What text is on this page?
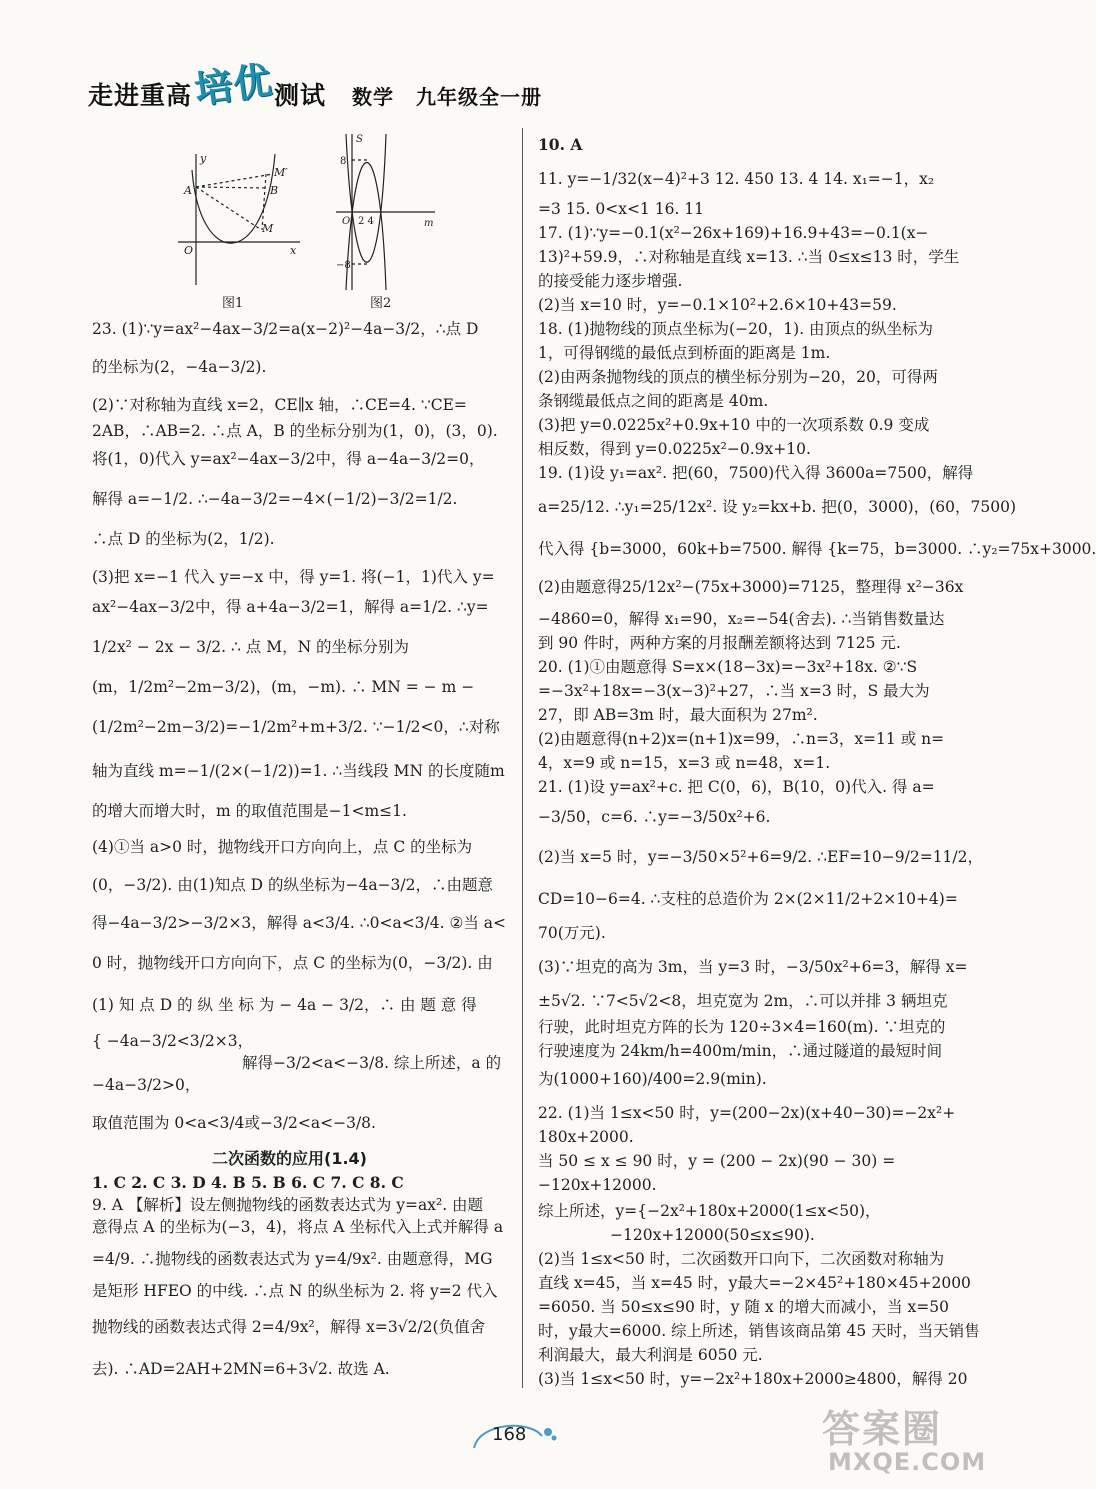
走进重高培优测试 数学 九年级全一册
y
x
O
A	B
M
M′
图1
S
m
O
8
−8
2 4
图2
23. (1)∵y=ax²−4ax−3/2=a(x−2)²−4a−3/2，∴点 D
的坐标为(2，−4a−3/2).
(2)∵对称轴为直线 x=2，CE∥x 轴，∴CE=4. ∵CE=
2AB，∴AB=2. ∴点 A，B 的坐标分别为(1，0)，(3，0).
将(1，0)代入 y=ax²−4ax−3/2中，得 a−4a−3/2=0，
解得 a=−1/2. ∴−4a−3/2=−4×(−1/2)−3/2=1/2.
∴点 D 的坐标为(2，1/2).
(3)把 x=−1 代入 y=−x 中，得 y=1. 将(−1，1)代入 y=
ax²−4ax−3/2中，得 a+4a−3/2=1，解得 a=1/2. ∴y=
1/2x² − 2x − 3/2. ∴ 点 M，N 的坐标分别为
(m，1/2m²−2m−3/2)，(m，−m). ∴ MN = − m −
(1/2m²−2m−3/2)=−1/2m²+m+3/2. ∵−1/2<0，∴对称
轴为直线 m=−1/(2×(−1/2))=1. ∴当线段 MN 的长度随m
的增大而增大时，m 的取值范围是−1<m≤1.
(4)①当 a>0 时，抛物线开口方向向上，点 C 的坐标为
(0，−3/2). 由(1)知点 D 的纵坐标为−4a−3/2，∴由题意
得−4a−3/2>−3/2×3，解得 a<3/4. ∴0<a<3/4. ②当 a<
0 时，抛物线开口方向向下，点 C 的坐标为(0，−3/2). 由
(1) 知 点 D 的 纵 坐 标 为 − 4a − 3/2，∴ 由 题 意 得
{ −4a−3/2<3/2×3，
解得−3/2<a<−3/8. 综上所述，a 的
−4a−3/2>0，
取值范围为 0<a<3/4或−3/2<a<−3/8.
二次函数的应用(1.4)
1. C 2. C 3. D 4. B 5. B 6. C 7. C 8. C
9. A 【解析】设左侧抛物线的函数表达式为 y=ax². 由题
意得点 A 的坐标为(−3，4)，将点 A 坐标代入上式并解得 a
=4/9. ∴抛物线的函数表达式为 y=4/9x². 由题意得，MG
是矩形 HFEO 的中线. ∴点 N 的纵坐标为 2. 将 y=2 代入
抛物线的函数表达式得 2=4/9x²，解得 x=3√2/2(负值舍
去). ∴AD=2AH+2MN=6+3√2. 故选 A.
10. A
11. y=−1/32(x−4)²+3 12. 450 13. 4 14. x₁=−1，x₂
=3 15. 0<x<1 16. 11
17. (1)∵y=−0.1(x²−26x+169)+16.9+43=−0.1(x−
13)²+59.9，∴对称轴是直线 x=13. ∴当 0≤x≤13 时，学生
的接受能力逐步增强.
(2)当 x=10 时，y=−0.1×10²+2.6×10+43=59.
18. (1)抛物线的顶点坐标为(−20，1). 由顶点的纵坐标为
1，可得钢缆的最低点到桥面的距离是 1m.
(2)由两条抛物线的顶点的横坐标分别为−20，20，可得两
条钢缆最低点之间的距离是 40m.
(3)把 y=0.0225x²+0.9x+10 中的一次项系数 0.9 变成
相反数，得到 y=0.0225x²−0.9x+10.
19. (1)设 y₁=ax². 把(60，7500)代入得 3600a=7500，解得
a=25/12. ∴y₁=25/12x². 设 y₂=kx+b. 把(0，3000)，(60，7500)
代入得 {b=3000，60k+b=7500. 解得 {k=75，b=3000. ∴y₂=75x+3000.
(2)由题意得25/12x²−(75x+3000)=7125，整理得 x²−36x
−4860=0，解得 x₁=90，x₂=−54(舍去). ∴当销售数量达
到 90 件时，两种方案的月报酬差额将达到 7125 元.
20. (1)①由题意得 S=x×(18−3x)=−3x²+18x. ②∵S
=−3x²+18x=−3(x−3)²+27，∴当 x=3 时，S 最大为
27，即 AB=3m 时，最大面积为 27m².
(2)由题意得(n+2)x=(n+1)x=99，∴n=3，x=11 或 n=
4，x=9 或 n=15，x=3 或 n=48，x=1.
21. (1)设 y=ax²+c. 把 C(0，6)，B(10，0)代入. 得 a=
−3/50，c=6. ∴y=−3/50x²+6.
(2)当 x=5 时，y=−3/50×5²+6=9/2. ∴EF=10−9/2=11/2，
CD=10−6=4. ∴支柱的总造价为 2×(2×11/2+2×10+4)=
70(万元).
(3)∵坦克的高为 3m，当 y=3 时，−3/50x²+6=3，解得 x=
±5√2. ∵7<5√2<8，坦克宽为 2m，∴可以并排 3 辆坦克
行驶，此时坦克方阵的长为 120÷3×4=160(m). ∵坦克的
行驶速度为 24km/h=400m/min，∴通过隧道的最短时间
为(1000+160)/400=2.9(min).
22. (1)当 1≤x<50 时，y=(200−2x)(x+40−30)=−2x²+
180x+2000.
当 50 ≤ x ≤ 90 时，y = (200 − 2x)(90 − 30) =
−120x+12000.
综上所述，y={−2x²+180x+2000(1≤x<50)，
−120x+12000(50≤x≤90).
(2)当 1≤x<50 时，二次函数开口向下，二次函数对称轴为
直线 x=45，当 x=45 时，y最大=−2×45²+180×45+2000
=6050. 当 50≤x≤90 时，y 随 x 的增大而减小，当 x=50
时，y最大=6000. 综上所述，销售该商品第 45 天时，当天销售
利润最大，最大利润是 6050 元.
(3)当 1≤x<50 时，y=−2x²+180x+2000≥4800，解得 20
168	答案圈
MXQE.COM
